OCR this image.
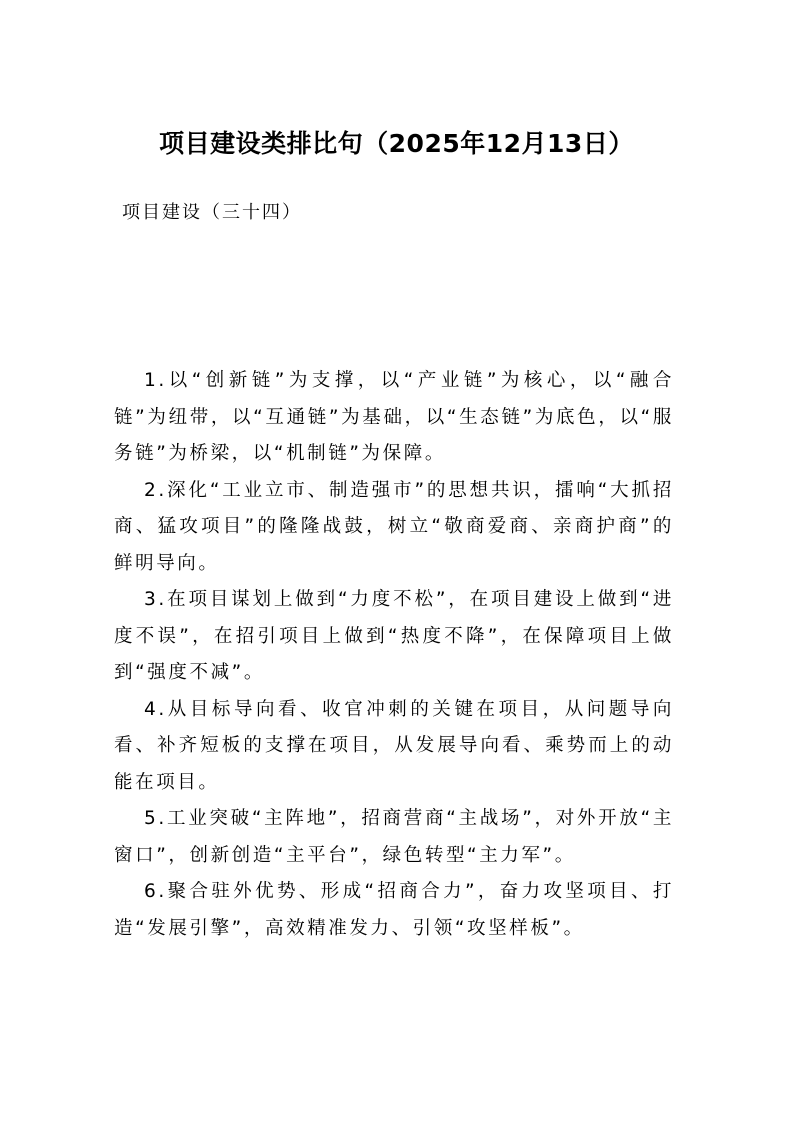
项目建设类排比句（2025年12月13日）

项目建设（三十四）

1.以“创新链”为支撑，以“产业链”为核心，以“融合链”为纽带，以“互通链”为基础，以“生态链”为底色，以“服务链”为桥梁，以“机制链”为保障。

2.深化“工业立市、制造强市”的思想共识，擂响“大抓招商、猛攻项目”的隆隆战鼓，树立“敬商爱商、亲商护商”的鲜明导向。

3.在项目谋划上做到“力度不松”，在项目建设上做到“进度不误”，在招引项目上做到“热度不降”，在保障项目上做到“强度不减”。

4.从目标导向看、收官冲刺的关键在项目，从问题导向看、补齐短板的支撑在项目，从发展导向看、乘势而上的动能在项目。

5.工业突破“主阵地”，招商营商“主战场”，对外开放“主窗口”，创新创造“主平台”，绿色转型“主力军”。

6.聚合驻外优势、形成“招商合力”，奋力攻坚项目、打造“发展引擎”，高效精准发力、引领“攻坚样板”。
